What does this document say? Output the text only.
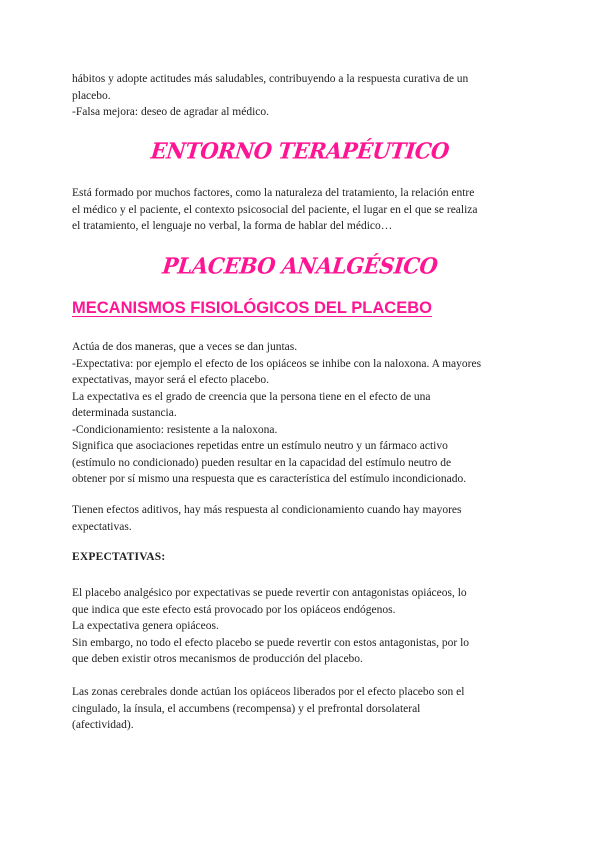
hábitos y adopte actitudes más saludables, contribuyendo a la respuesta curativa de un
placebo.
-Falsa mejora: deseo de agradar al médico.
ENTORNO TERAPÉUTICO
Está formado por muchos factores, como la naturaleza del tratamiento, la relación entre
el médico y el paciente, el contexto psicosocial del paciente, el lugar en el que se realiza
el tratamiento, el lenguaje no verbal, la forma de hablar del médico…
PLACEBO ANALGÉSICO
MECANISMOS FISIOLÓGICOS DEL PLACEBO
Actúa de dos maneras, que a veces se dan juntas.
-Expectativa: por ejemplo el efecto de los opiáceos se inhibe con la naloxona. A mayores
expectativas, mayor será el efecto placebo.
La expectativa es el grado de creencia que la persona tiene en el efecto de una
determinada sustancia.
-Condicionamiento: resistente a la naloxona.
Significa que asociaciones repetidas entre un estímulo neutro y un fármaco activo
(estímulo no condicionado) pueden resultar en la capacidad del estímulo neutro de
obtener por sí mismo una respuesta que es característica del estímulo incondicionado.
Tienen efectos aditivos, hay más respuesta al condicionamiento cuando hay mayores
expectativas.

EXPECTATIVAS:

El placebo analgésico por expectativas se puede revertir con antagonistas opiáceos, lo
que indica que este efecto está provocado por los opiáceos endógenos.
La expectativa genera opiáceos.
Sin embargo, no todo el efecto placebo se puede revertir con estos antagonistas, por lo
que deben existir otros mecanismos de producción del placebo.
Las zonas cerebrales donde actúan los opiáceos liberados por el efecto placebo son el
cingulado, la ínsula, el accumbens (recompensa) y el prefrontal dorsolateral
(afectividad).
